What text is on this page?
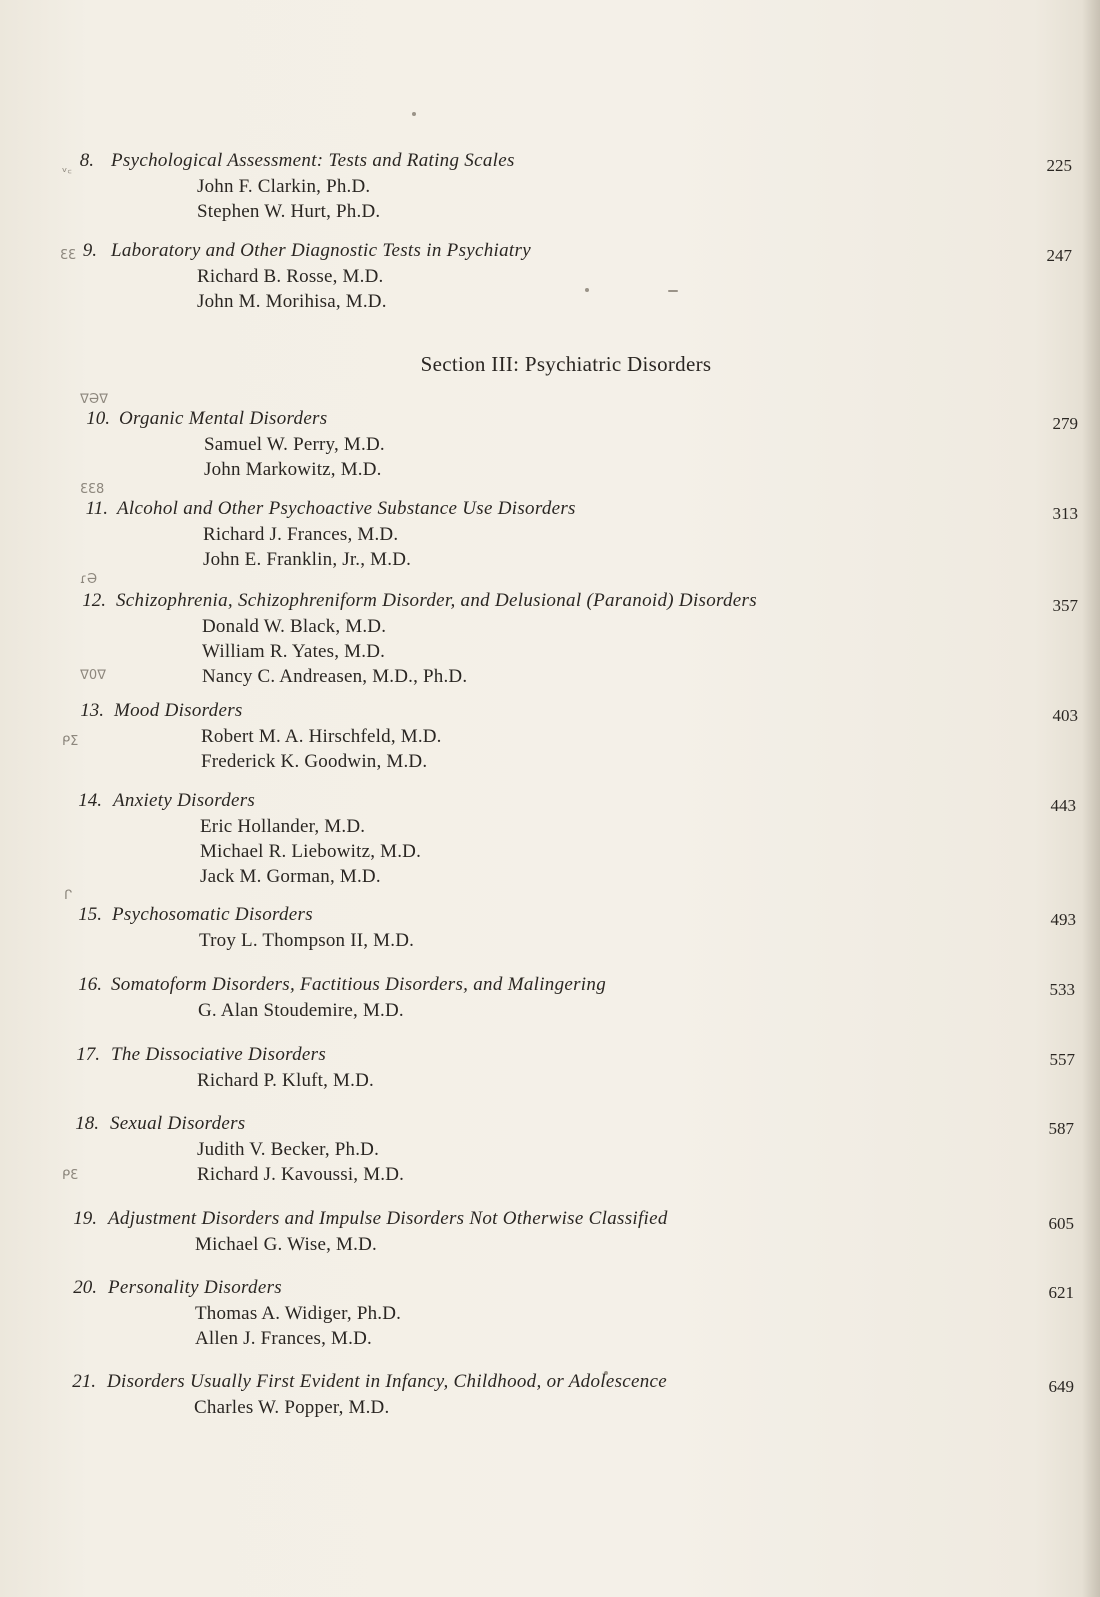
ᵥ꜀
ƐƐ
ᐁƏᐁ
ƐƐ8
ɾƏ
ᐁ0ᐁ
ᑭƩ
ᒋ
ᑭƐ
8. Psychological Assessment: Tests and Rating Scales	225
John F. Clarkin, Ph.D.
Stephen W. Hurt, Ph.D.
9. Laboratory and Other Diagnostic Tests in Psychiatry	247
Richard B. Rosse, M.D.
John M. Morihisa, M.D.
Section III: Psychiatric Disorders
10. Organic Mental Disorders	279
Samuel W. Perry, M.D.
John Markowitz, M.D.
11. Alcohol and Other Psychoactive Substance Use Disorders	313
Richard J. Frances, M.D.
John E. Franklin, Jr., M.D.
12. Schizophrenia, Schizophreniform Disorder, and Delusional (Paranoid) Disorders	357
Donald W. Black, M.D.
William R. Yates, M.D.
Nancy C. Andreasen, M.D., Ph.D.
13. Mood Disorders	403
Robert M. A. Hirschfeld, M.D.
Frederick K. Goodwin, M.D.
14. Anxiety Disorders	443
Eric Hollander, M.D.
Michael R. Liebowitz, M.D.
Jack M. Gorman, M.D.
15. Psychosomatic Disorders	493
Troy L. Thompson II, M.D.
16. Somatoform Disorders, Factitious Disorders, and Malingering	533
G. Alan Stoudemire, M.D.
17. The Dissociative Disorders	557
Richard P. Kluft, M.D.
18. Sexual Disorders	587
Judith V. Becker, Ph.D.
Richard J. Kavoussi, M.D.
19. Adjustment Disorders and Impulse Disorders Not Otherwise Classified	605
Michael G. Wise, M.D.
20. Personality Disorders	621
Thomas A. Widiger, Ph.D.
Allen J. Frances, M.D.
21. Disorders Usually First Evident in Infancy, Childhood, or Adolescence	649
Charles W. Popper, M.D.
